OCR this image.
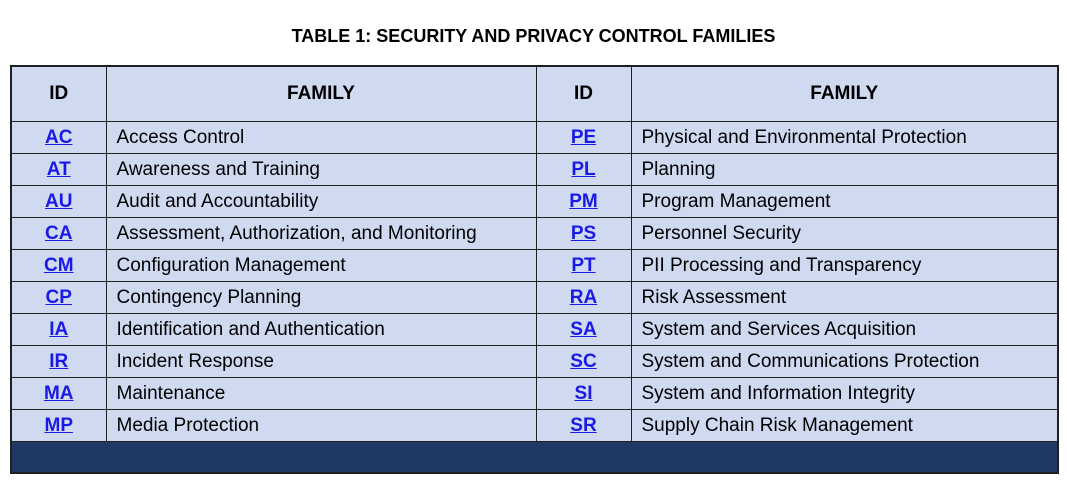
TABLE 1: SECURITY AND PRIVACY CONTROL FAMILIES
ID	FAMILY	ID	FAMILY
AC	Access Control	PE	Physical and Environmental Protection
AT	Awareness and Training	PL	Planning
AU	Audit and Accountability	PM	Program Management
CA	Assessment, Authorization, and Monitoring	PS	Personnel Security
CM	Configuration Management	PT	PII Processing and Transparency
CP	Contingency Planning	RA	Risk Assessment
IA	Identification and Authentication	SA	System and Services Acquisition
IR	Incident Response	SC	System and Communications Protection
MA	Maintenance	SI	System and Information Integrity
MP	Media Protection	SR	Supply Chain Risk Management
